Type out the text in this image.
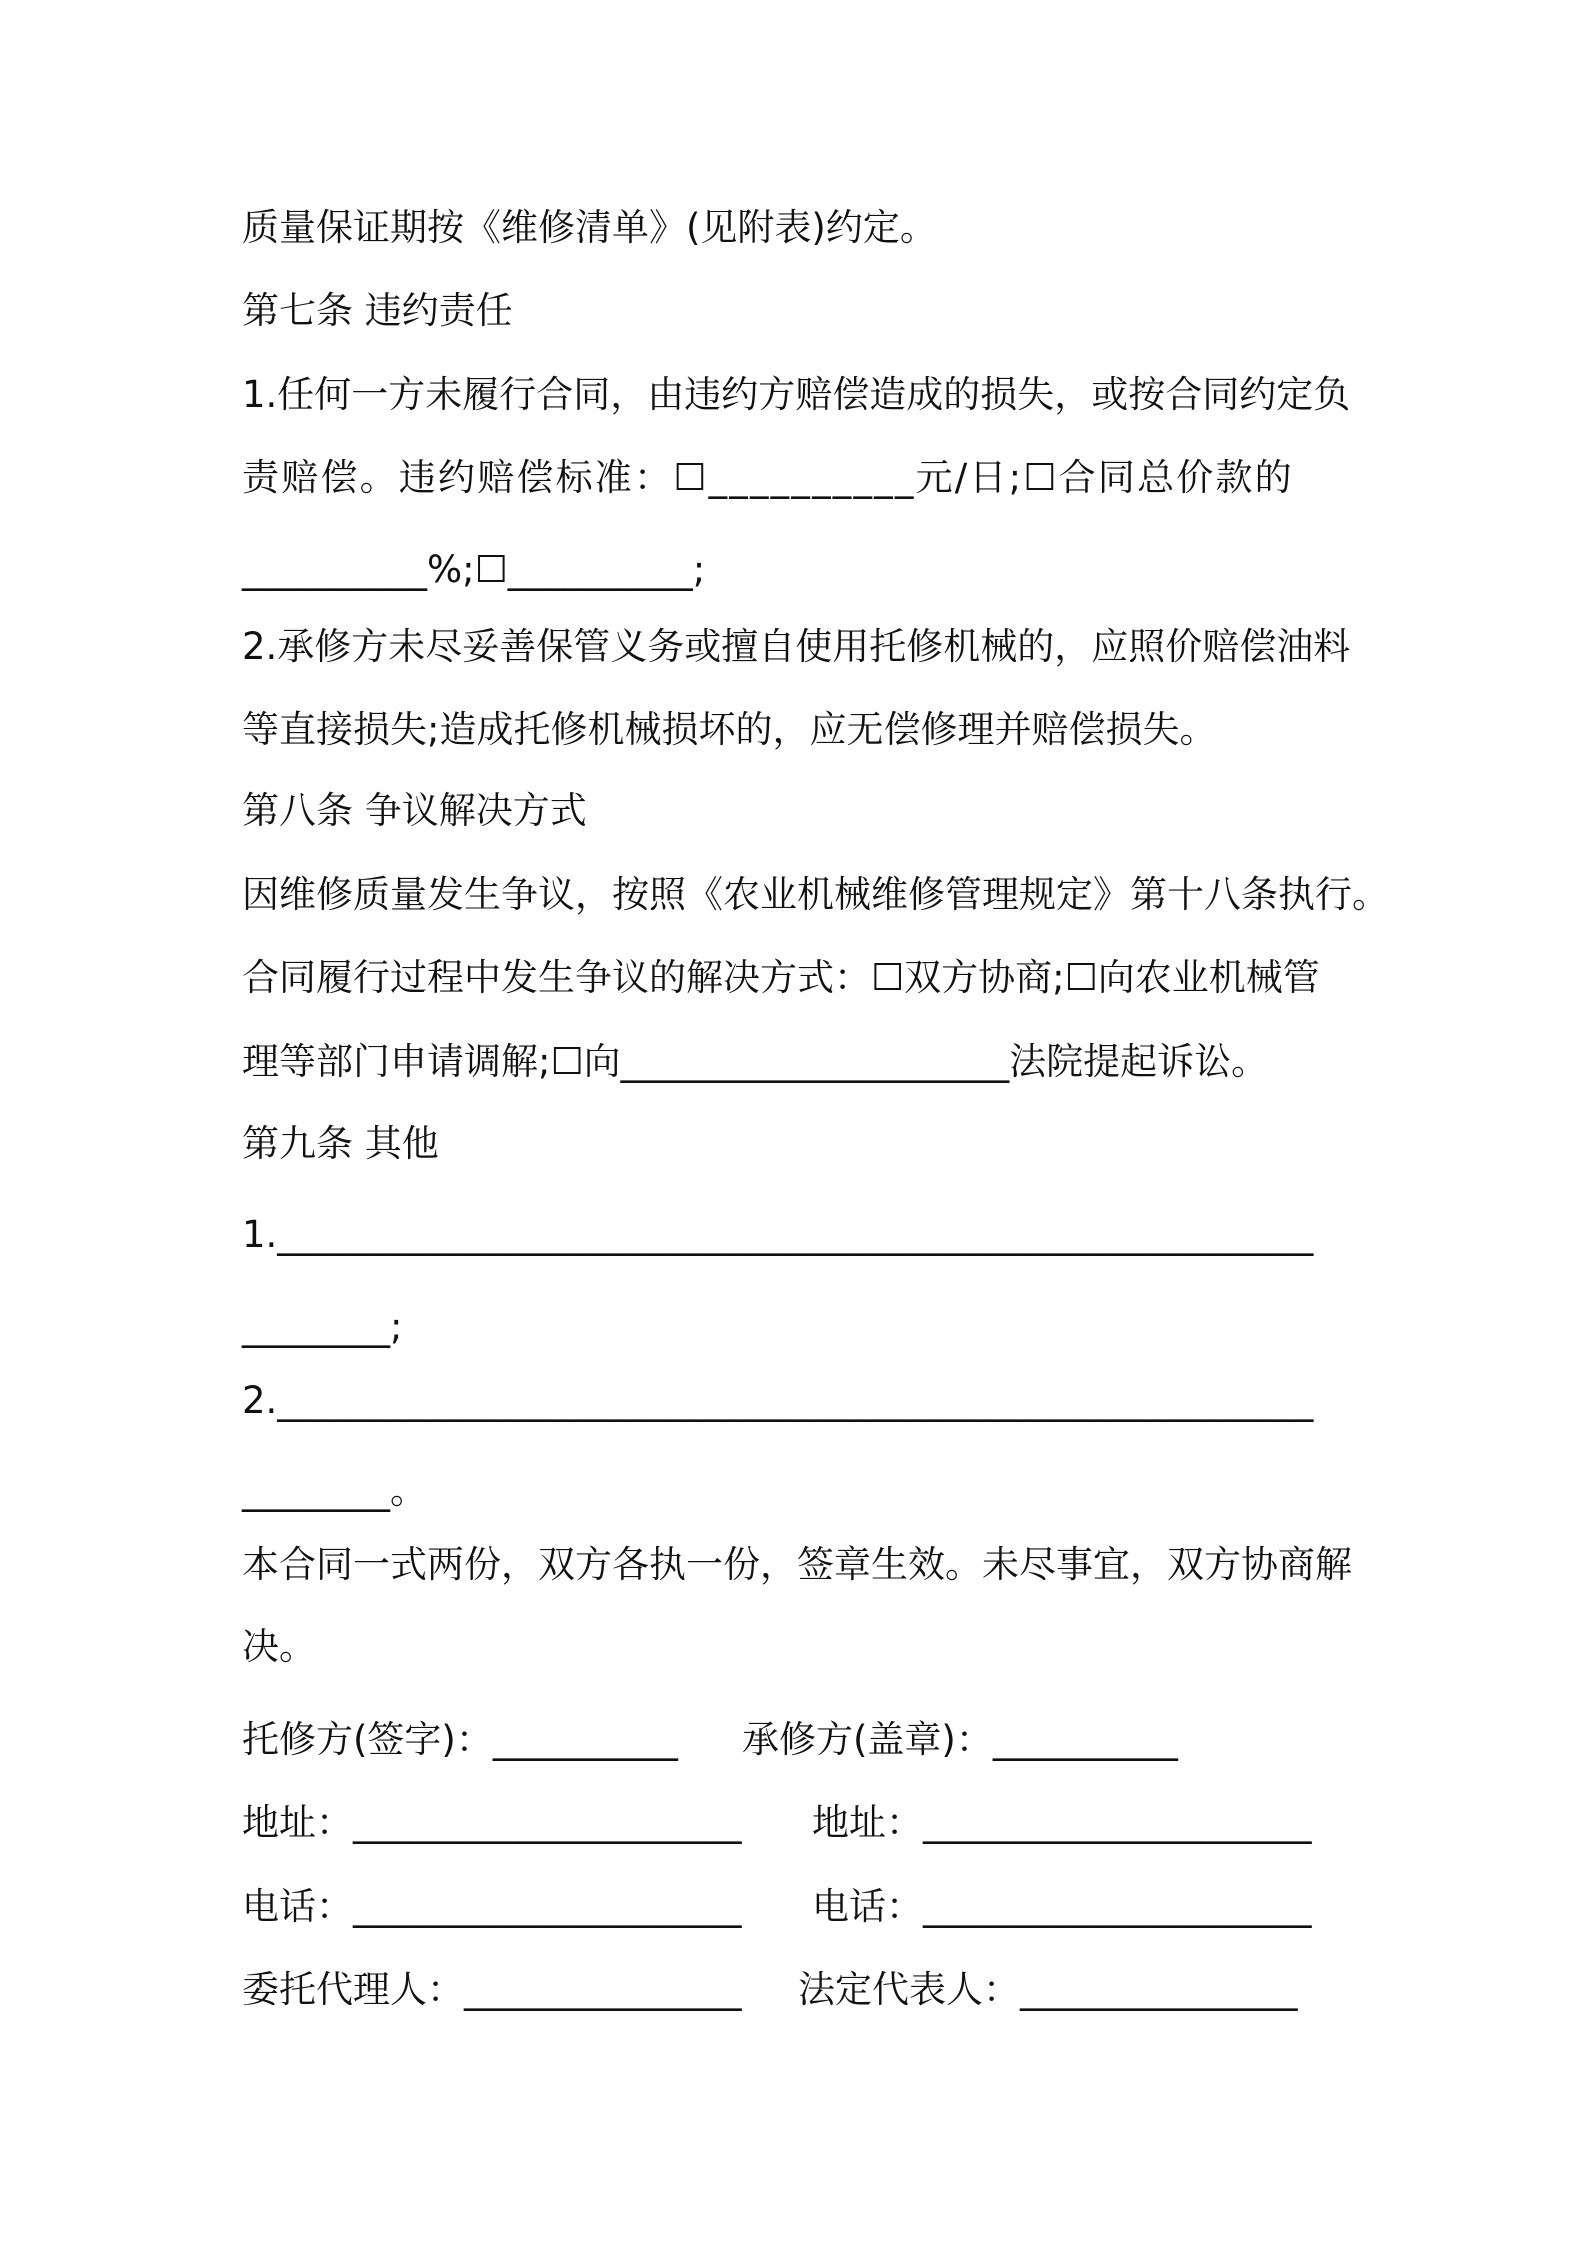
质量保证期按《维修清单》(见附表)约定。
第七条 违约责任
1.任何一方未履行合同，由违约方赔偿造成的损失，或按合同约定负
责赔偿。违约赔偿标准：☐__________元/日;☐合同总价款的
__________%;☐__________;
2.承修方未尽妥善保管义务或擅自使用托修机械的，应照价赔偿油料
等直接损失;造成托修机械损坏的，应无偿修理并赔偿损失。
第八条 争议解决方式
因维修质量发生争议，按照《农业机械维修管理规定》第十八条执行。
合同履行过程中发生争议的解决方式：☐双方协商;☐向农业机械管
理等部门申请调解;☐向_____________________法院提起诉讼。
第九条 其他
1.________________________________________________________
________;
2.________________________________________________________
________。
本合同一式两份，双方各执一份，签章生效。未尽事宜，双方协商解
决。
托修方(签字)：__________ 承修方(盖章)：__________
地址：_____________________ 地址：_____________________
电话：_____________________ 电话：_____________________
委托代理人：_______________ 法定代表人：_______________
